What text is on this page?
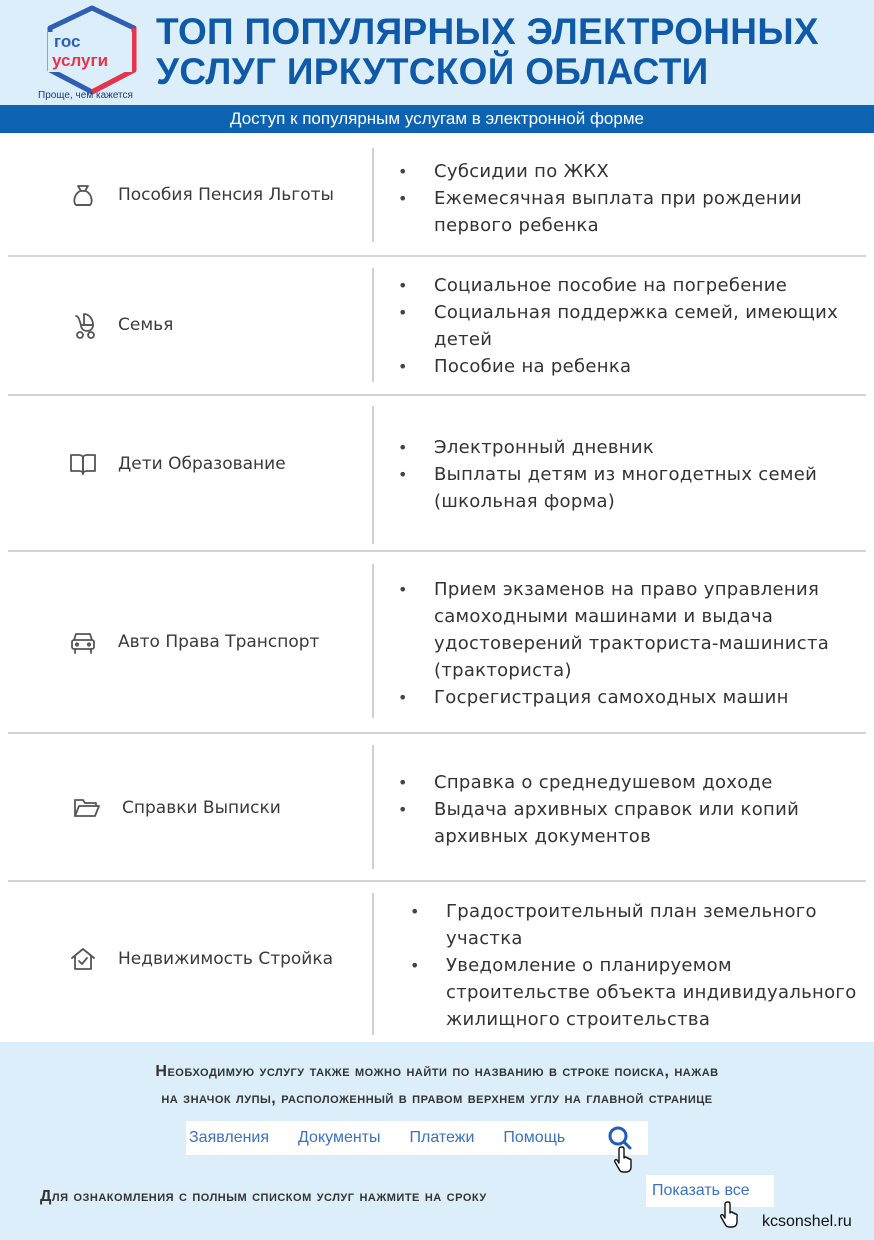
гос
услуги
Проще, чем кажется
ТОП ПОПУЛЯРНЫХ ЭЛЕКТРОННЫХ
УСЛУГ ИРКУТСКОЙ ОБЛАСТИ
Доступ к популярным услугам в электронной форме
Пособия Пенсия Льготы
• Субсидии по ЖКХ
• Ежемесячная выплата при рождении первого ребенка
Семья
• Социальное пособие на погребение
• Социальная поддержка семей, имеющих детей
• Пособие на ребенка
Дети Образование
• Электронный дневник
• Выплаты детям из многодетных семей (школьная форма)
Авто Права Транспорт
• Прием экзаменов на право управления самоходными машинами и выдача удостоверений тракториста-машиниста (тракториста)
• Госрегистрация самоходных машин
Справки Выписки
• Справка о среднедушевом доходе
• Выдача архивных справок или копий архивных документов
Недвижимость Стройка
• Градостроительный план земельного участка
• Уведомление о планируемом строительстве объекта индивидуального жилищного строительства
Необходимую услугу также можно найти по названию в строке поиска, нажав
на значок лупы, расположенный в правом верхнем углу на главной странице
Заявления Документы Платежи Помощь
Для ознакомления с полным списком услуг нажмите на сроку	Показать все
kcsonshel.ru
